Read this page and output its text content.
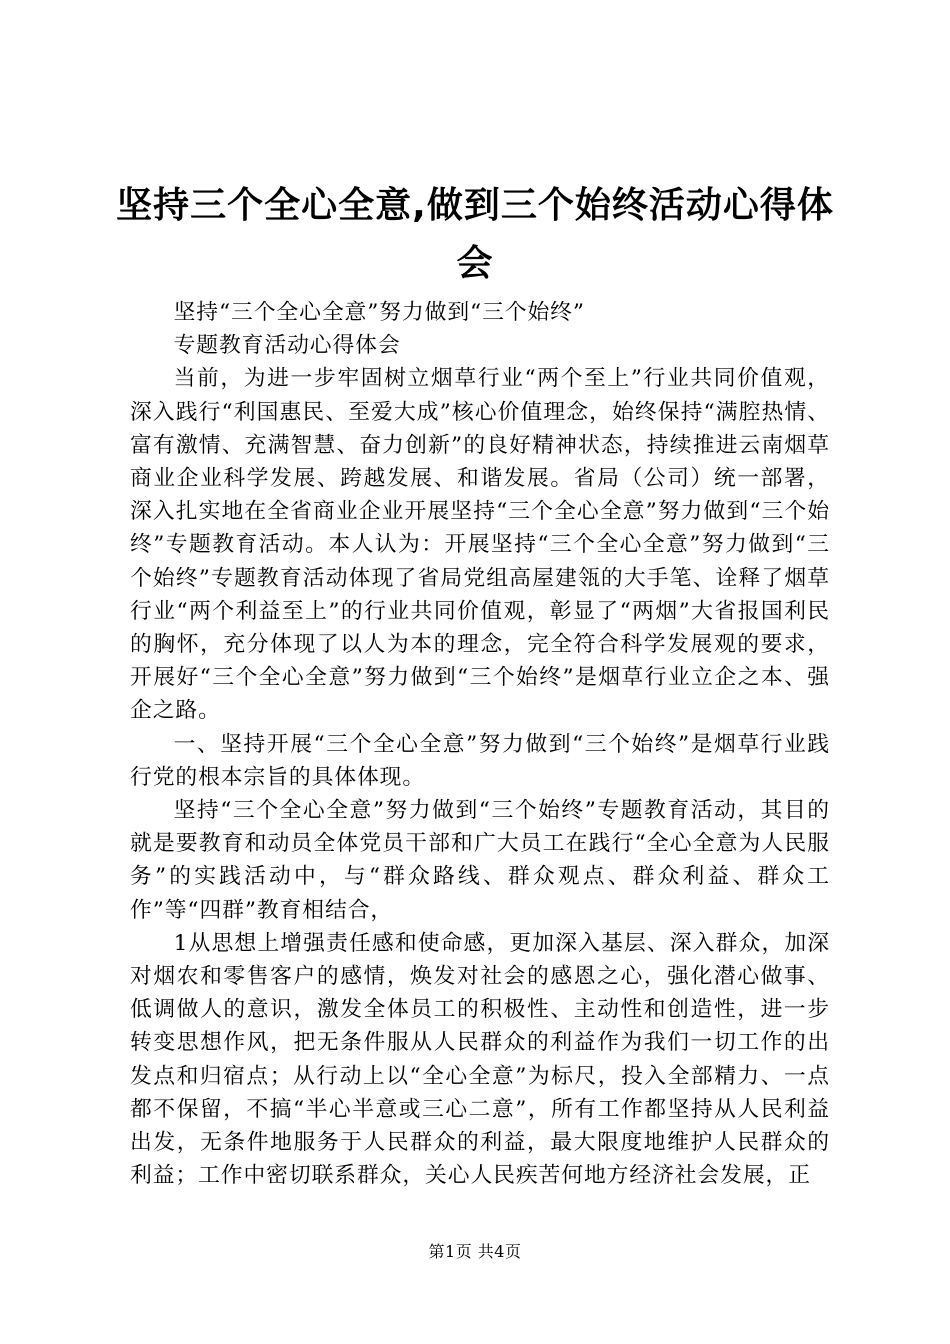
坚持三个全心全意,做到三个始终活动心得体
会

坚持“三个全心全意”努力做到“三个始终”

专题教育活动心得体会

当前，为进一步牢固树立烟草行业“两个至上”行业共同价值观，深入践行“利国惠民、至爱大成”核心价值理念，始终保持“满腔热情、富有激情、充满智慧、奋力创新”的良好精神状态，持续推进云南烟草商业企业科学发展、跨越发展、和谐发展。省局（公司）统一部署，深入扎实地在全省商业企业开展坚持“三个全心全意”努力做到“三个始终”专题教育活动。本人认为：开展坚持“三个全心全意”努力做到“三个始终”专题教育活动体现了省局党组高屋建瓴的大手笔、诠释了烟草行业“两个利益至上”的行业共同价值观，彰显了“两烟”大省报国利民的胸怀，充分体现了以人为本的理念，完全符合科学发展观的要求，开展好“三个全心全意”努力做到“三个始终”是烟草行业立企之本、强企之路。

一、坚持开展“三个全心全意”努力做到“三个始终”是烟草行业践行党的根本宗旨的具体体现。

坚持“三个全心全意”努力做到“三个始终”专题教育活动，其目的就是要教育和动员全体党员干部和广大员工在践行“全心全意为人民服务”的实践活动中，与“群众路线、群众观点、群众利益、群众工作”等“四群”教育相结合，

1从思想上增强责任感和使命感，更加深入基层、深入群众，加深对烟农和零售客户的感情，焕发对社会的感恩之心，强化潜心做事、低调做人的意识，激发全体员工的积极性、主动性和创造性，进一步转变思想作风，把无条件服从人民群众的利益作为我们一切工作的出发点和归宿点；从行动上以“全心全意”为标尺，投入全部精力、一点都不保留，不搞“半心半意或三心二意”，所有工作都坚持从人民利益出发，无条件地服务于人民群众的利益，最大限度地维护人民群众的利益；工作中密切联系群众，关心人民疾苦何地方经济社会发展，正

第1页 共4页
